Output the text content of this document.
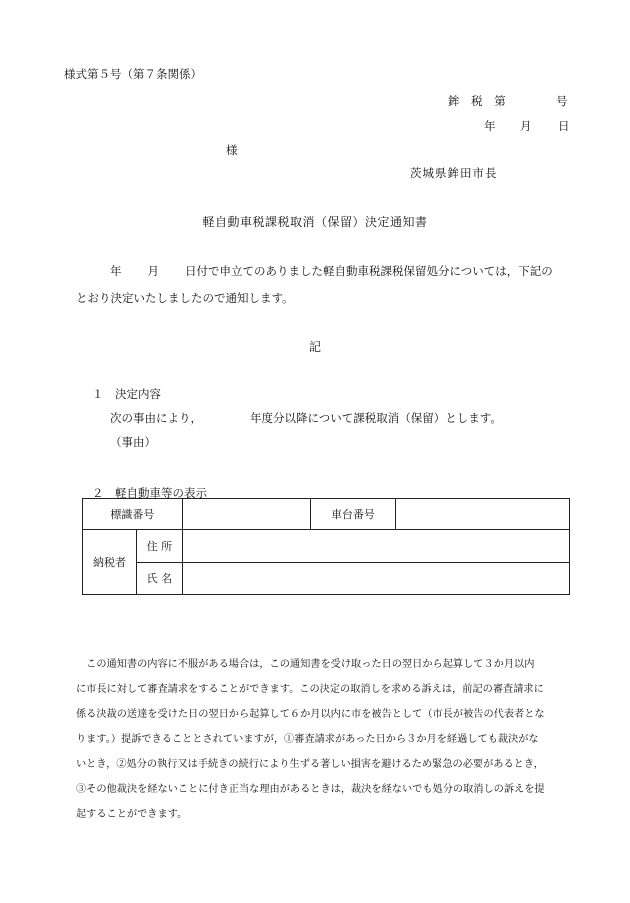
様式第５号（第７条関係）
鉾 税 第	号
年 月 日
様
茨城県鉾田市長
軽自動車税課税取消（保留）決定通知書
年 月 日付で申立てのありました軽自動車税課税保留処分については，下記の
とおり決定いたしましたので通知します。
記
１　決定内容
次の事由により，	年度分以降について課税取消（保留）とします。
（事由）
２　軽自動車等の表示
標識番号			車台番号	
納税者	住 所			
	氏 名			
　この通知書の内容に不服がある場合は，この通知書を受け取った日の翌日から起算して３か月以内
に市長に対して審査請求をすることができます。この決定の取消しを求める訴えは，前記の審査請求に
係る決裁の送達を受けた日の翌日から起算して６か月以内に市を被告として（市長が被告の代表者とな
ります。）提訴できることとされていますが，①審査請求があった日から３か月を経過しても裁決がな
いとき，②処分の執行又は手続きの続行により生ずる著しい損害を避けるため緊急の必要があるとき，
③その他裁決を経ないことに付き正当な理由があるときは，裁決を経ないでも処分の取消しの訴えを提
起することができます。
